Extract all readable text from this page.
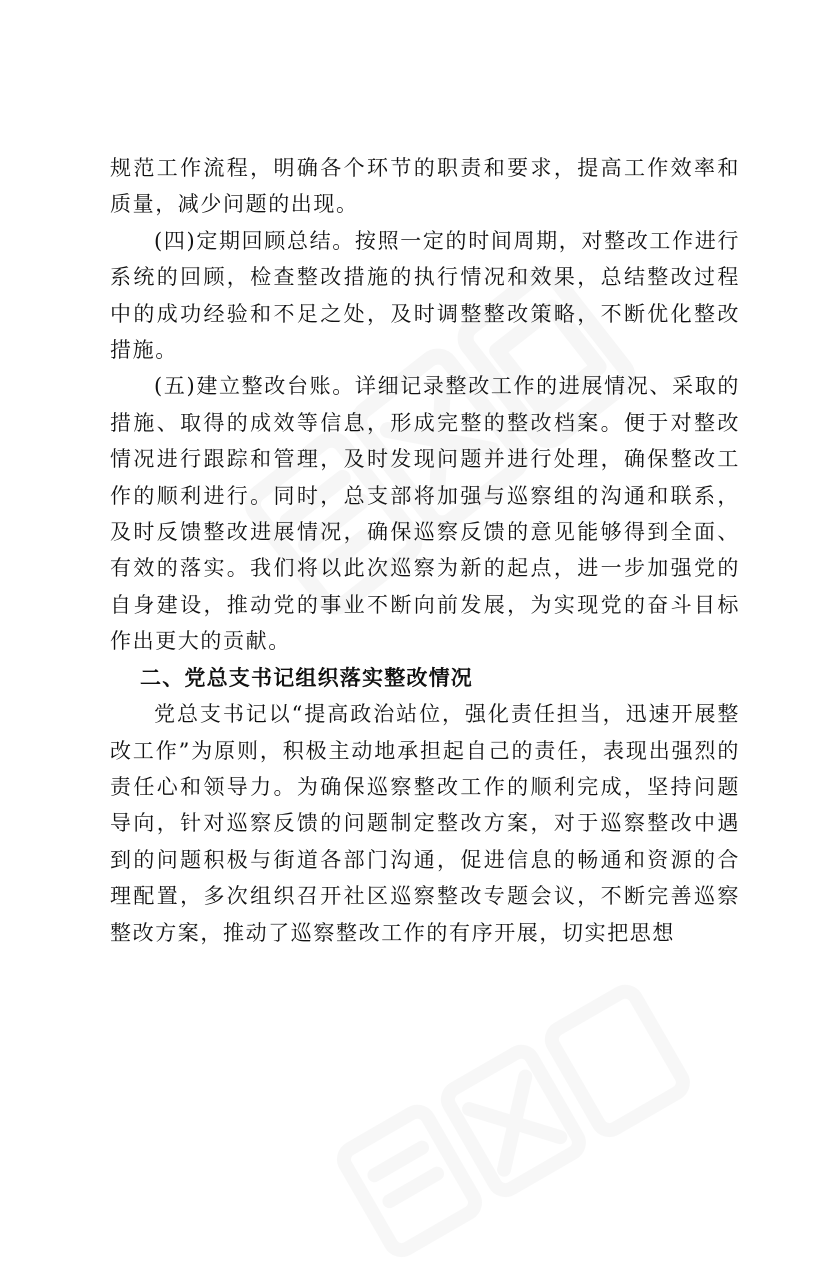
规范工作流程，明确各个环节的职责和要求，提高工作效率和质量，减少问题的出现。

(四)定期回顾总结。按照一定的时间周期，对整改工作进行系统的回顾，检查整改措施的执行情况和效果，总结整改过程中的成功经验和不足之处，及时调整整改策略，不断优化整改措施。

(五)建立整改台账。详细记录整改工作的进展情况、采取的措施、取得的成效等信息，形成完整的整改档案。便于对整改情况进行跟踪和管理，及时发现问题并进行处理，确保整改工作的顺利进行。同时，总支部将加强与巡察组的沟通和联系，及时反馈整改进展情况，确保巡察反馈的意见能够得到全面、有效的落实。我们将以此次巡察为新的起点，进一步加强党的自身建设，推动党的事业不断向前发展，为实现党的奋斗目标作出更大的贡献。

二、党总支书记组织落实整改情况

党总支书记以“提高政治站位，强化责任担当，迅速开展整改工作”为原则，积极主动地承担起自己的责任，表现出强烈的责任心和领导力。为确保巡察整改工作的顺利完成，坚持问题导向，针对巡察反馈的问题制定整改方案，对于巡察整改中遇到的问题积极与街道各部门沟通，促进信息的畅通和资源的合理配置，多次组织召开社区巡察整改专题会议，不断完善巡察整改方案，推动了巡察整改工作的有序开展，切实把思想
